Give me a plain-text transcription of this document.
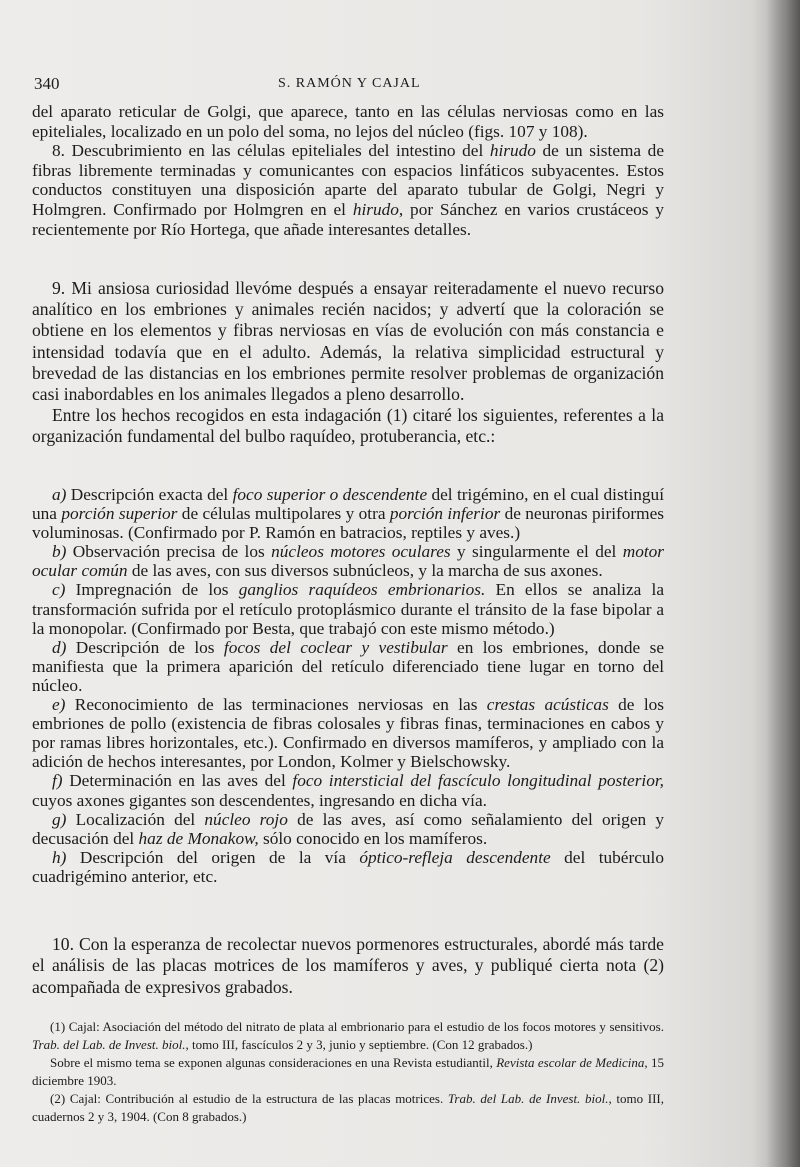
340	S. RAMÓN Y CAJAL

del aparato reticular de Golgi, que aparece, tanto en las células nerviosas como en las epiteliales, localizado en un polo del soma, no lejos del núcleo (figs. 107 y 108).

8. Descubrimiento en las células epiteliales del intestino del hirudo de un sistema de fibras libremente terminadas y comunicantes con espacios linfáticos subyacentes. Estos conductos constituyen una disposición aparte del aparato tubular de Golgi, Negri y Holmgren. Confirmado por Holmgren en el hirudo, por Sánchez en varios crustáceos y recientemente por Río Hortega, que añade interesantes detalles.

9. Mi ansiosa curiosidad llevóme después a ensayar reiteradamente el nuevo recurso analítico en los embriones y animales recién nacidos; y advertí que la coloración se obtiene en los elementos y fibras nerviosas en vías de evolución con más constancia e intensidad todavía que en el adulto. Además, la relativa simplicidad estructural y brevedad de las distancias en los embriones permite resolver problemas de organización casi inabordables en los animales llegados a pleno desarrollo.

Entre los hechos recogidos en esta indagación (1) citaré los siguientes, referentes a la organización fundamental del bulbo raquídeo, protuberancia, etc.:

a) Descripción exacta del foco superior o descendente del trigémino, en el cual distinguí una porción superior de células multipolares y otra porción inferior de neuronas piriformes voluminosas. (Confirmado por P. Ramón en batracios, reptiles y aves.)

b) Observación precisa de los núcleos motores oculares y singularmente el del motor ocular común de las aves, con sus diversos subnúcleos, y la marcha de sus axones.

c) Impregnación de los ganglios raquídeos embrionarios. En ellos se analiza la transformación sufrida por el retículo protoplásmico durante el tránsito de la fase bipolar a la monopolar. (Confirmado por Besta, que trabajó con este mismo método.)

d) Descripción de los focos del coclear y vestibular en los embriones, donde se manifiesta que la primera aparición del retículo diferenciado tiene lugar en torno del núcleo.

e) Reconocimiento de las terminaciones nerviosas en las crestas acústicas de los embriones de pollo (existencia de fibras colosales y fibras finas, terminaciones en cabos y por ramas libres horizontales, etc.). Confirmado en diversos mamíferos, y ampliado con la adición de hechos interesantes, por London, Kolmer y Bielschowsky.

f) Determinación en las aves del foco intersticial del fascículo longitudinal posterior, cuyos axones gigantes son descendentes, ingresando en dicha vía.

g) Localización del núcleo rojo de las aves, así como señalamiento del origen y decusación del haz de Monakow, sólo conocido en los mamíferos.

h) Descripción del origen de la vía óptico-refleja descendente del tubérculo cuadrigémino anterior, etc.

10. Con la esperanza de recolectar nuevos pormenores estructurales, abordé más tarde el análisis de las placas motrices de los mamíferos y aves, y publiqué cierta nota (2) acompañada de expresivos grabados.

(1) Cajal: Asociación del método del nitrato de plata al embrionario para el estudio de los focos motores y sensitivos. Trab. del Lab. de Invest. biol., tomo III, fascículos 2 y 3, junio y septiembre. (Con 12 grabados.)

Sobre el mismo tema se exponen algunas consideraciones en una Revista estudiantil, Revista escolar de Medicina, 15 diciembre 1903.

(2) Cajal: Contribución al estudio de la estructura de las placas motrices. Trab. del Lab. de Invest. biol., tomo III, cuadernos 2 y 3, 1904. (Con 8 grabados.)
